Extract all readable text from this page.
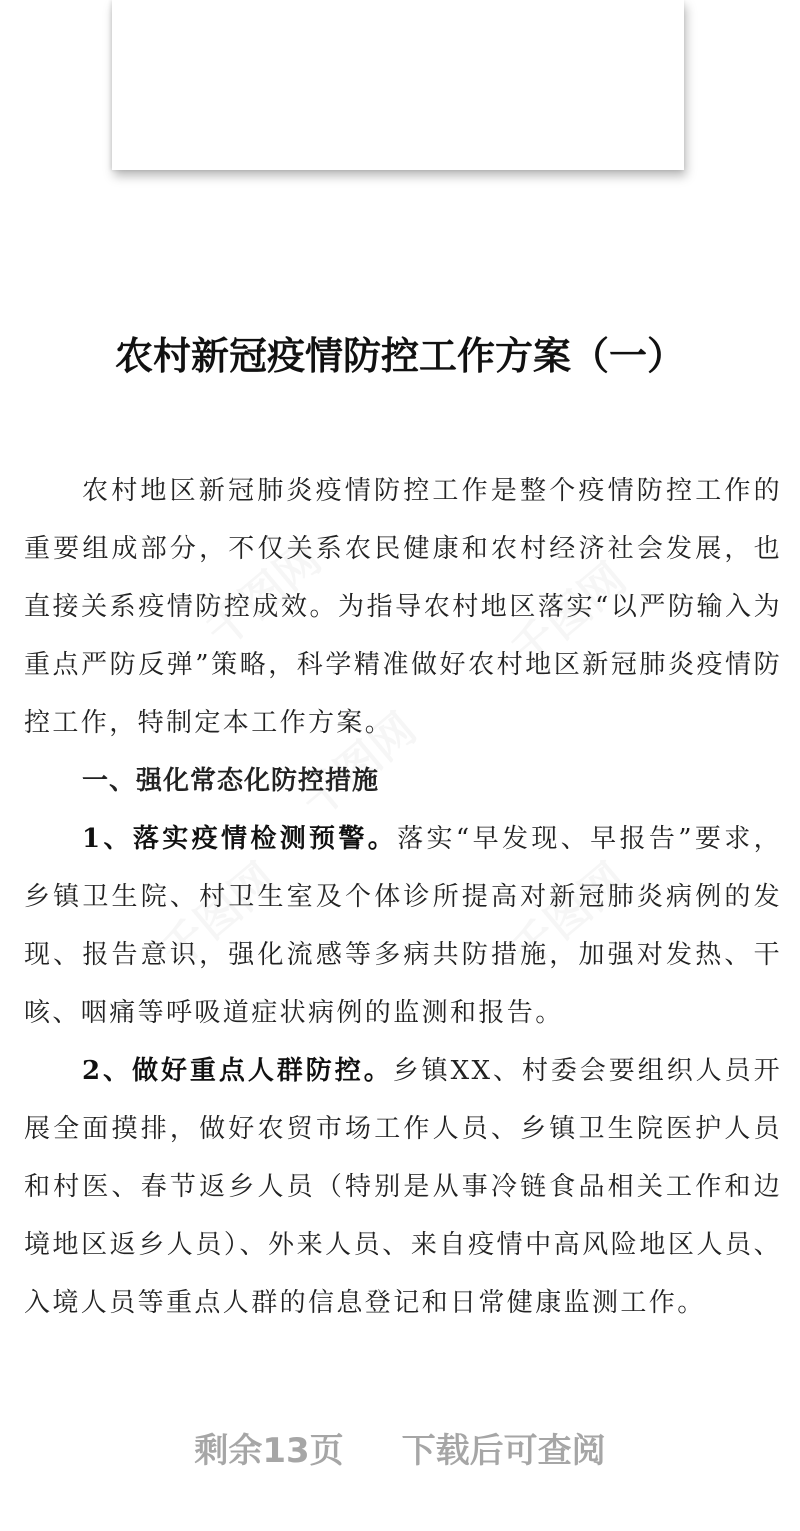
千图网	千图网
千图网
千图网	千图网
农村新冠疫情防控工作方案（一）

农村地区新冠肺炎疫情防控工作是整个疫情防控工作的重要组成部分，不仅关系农民健康和农村经济社会发展，也直接关系疫情防控成效。为指导农村地区落实“以严防输入为重点严防反弹”策略，科学精准做好农村地区新冠肺炎疫情防控工作，特制定本工作方案。

一、强化常态化防控措施

1、落实疫情检测预警。落实“早发现、早报告”要求，乡镇卫生院、村卫生室及个体诊所提高对新冠肺炎病例的发现、报告意识，强化流感等多病共防措施，加强对发热、干咳、咽痛等呼吸道症状病例的监测和报告。

2、做好重点人群防控。乡镇XX、村委会要组织人员开展全面摸排，做好农贸市场工作人员、乡镇卫生院医护人员和村医、春节返乡人员（特别是从事冷链食品相关工作和边境地区返乡人员）、外来人员、来自疫情中高风险地区人员、入境人员等重点人群的信息登记和日常健康监测工作。

剩余13页 下载后可查阅
